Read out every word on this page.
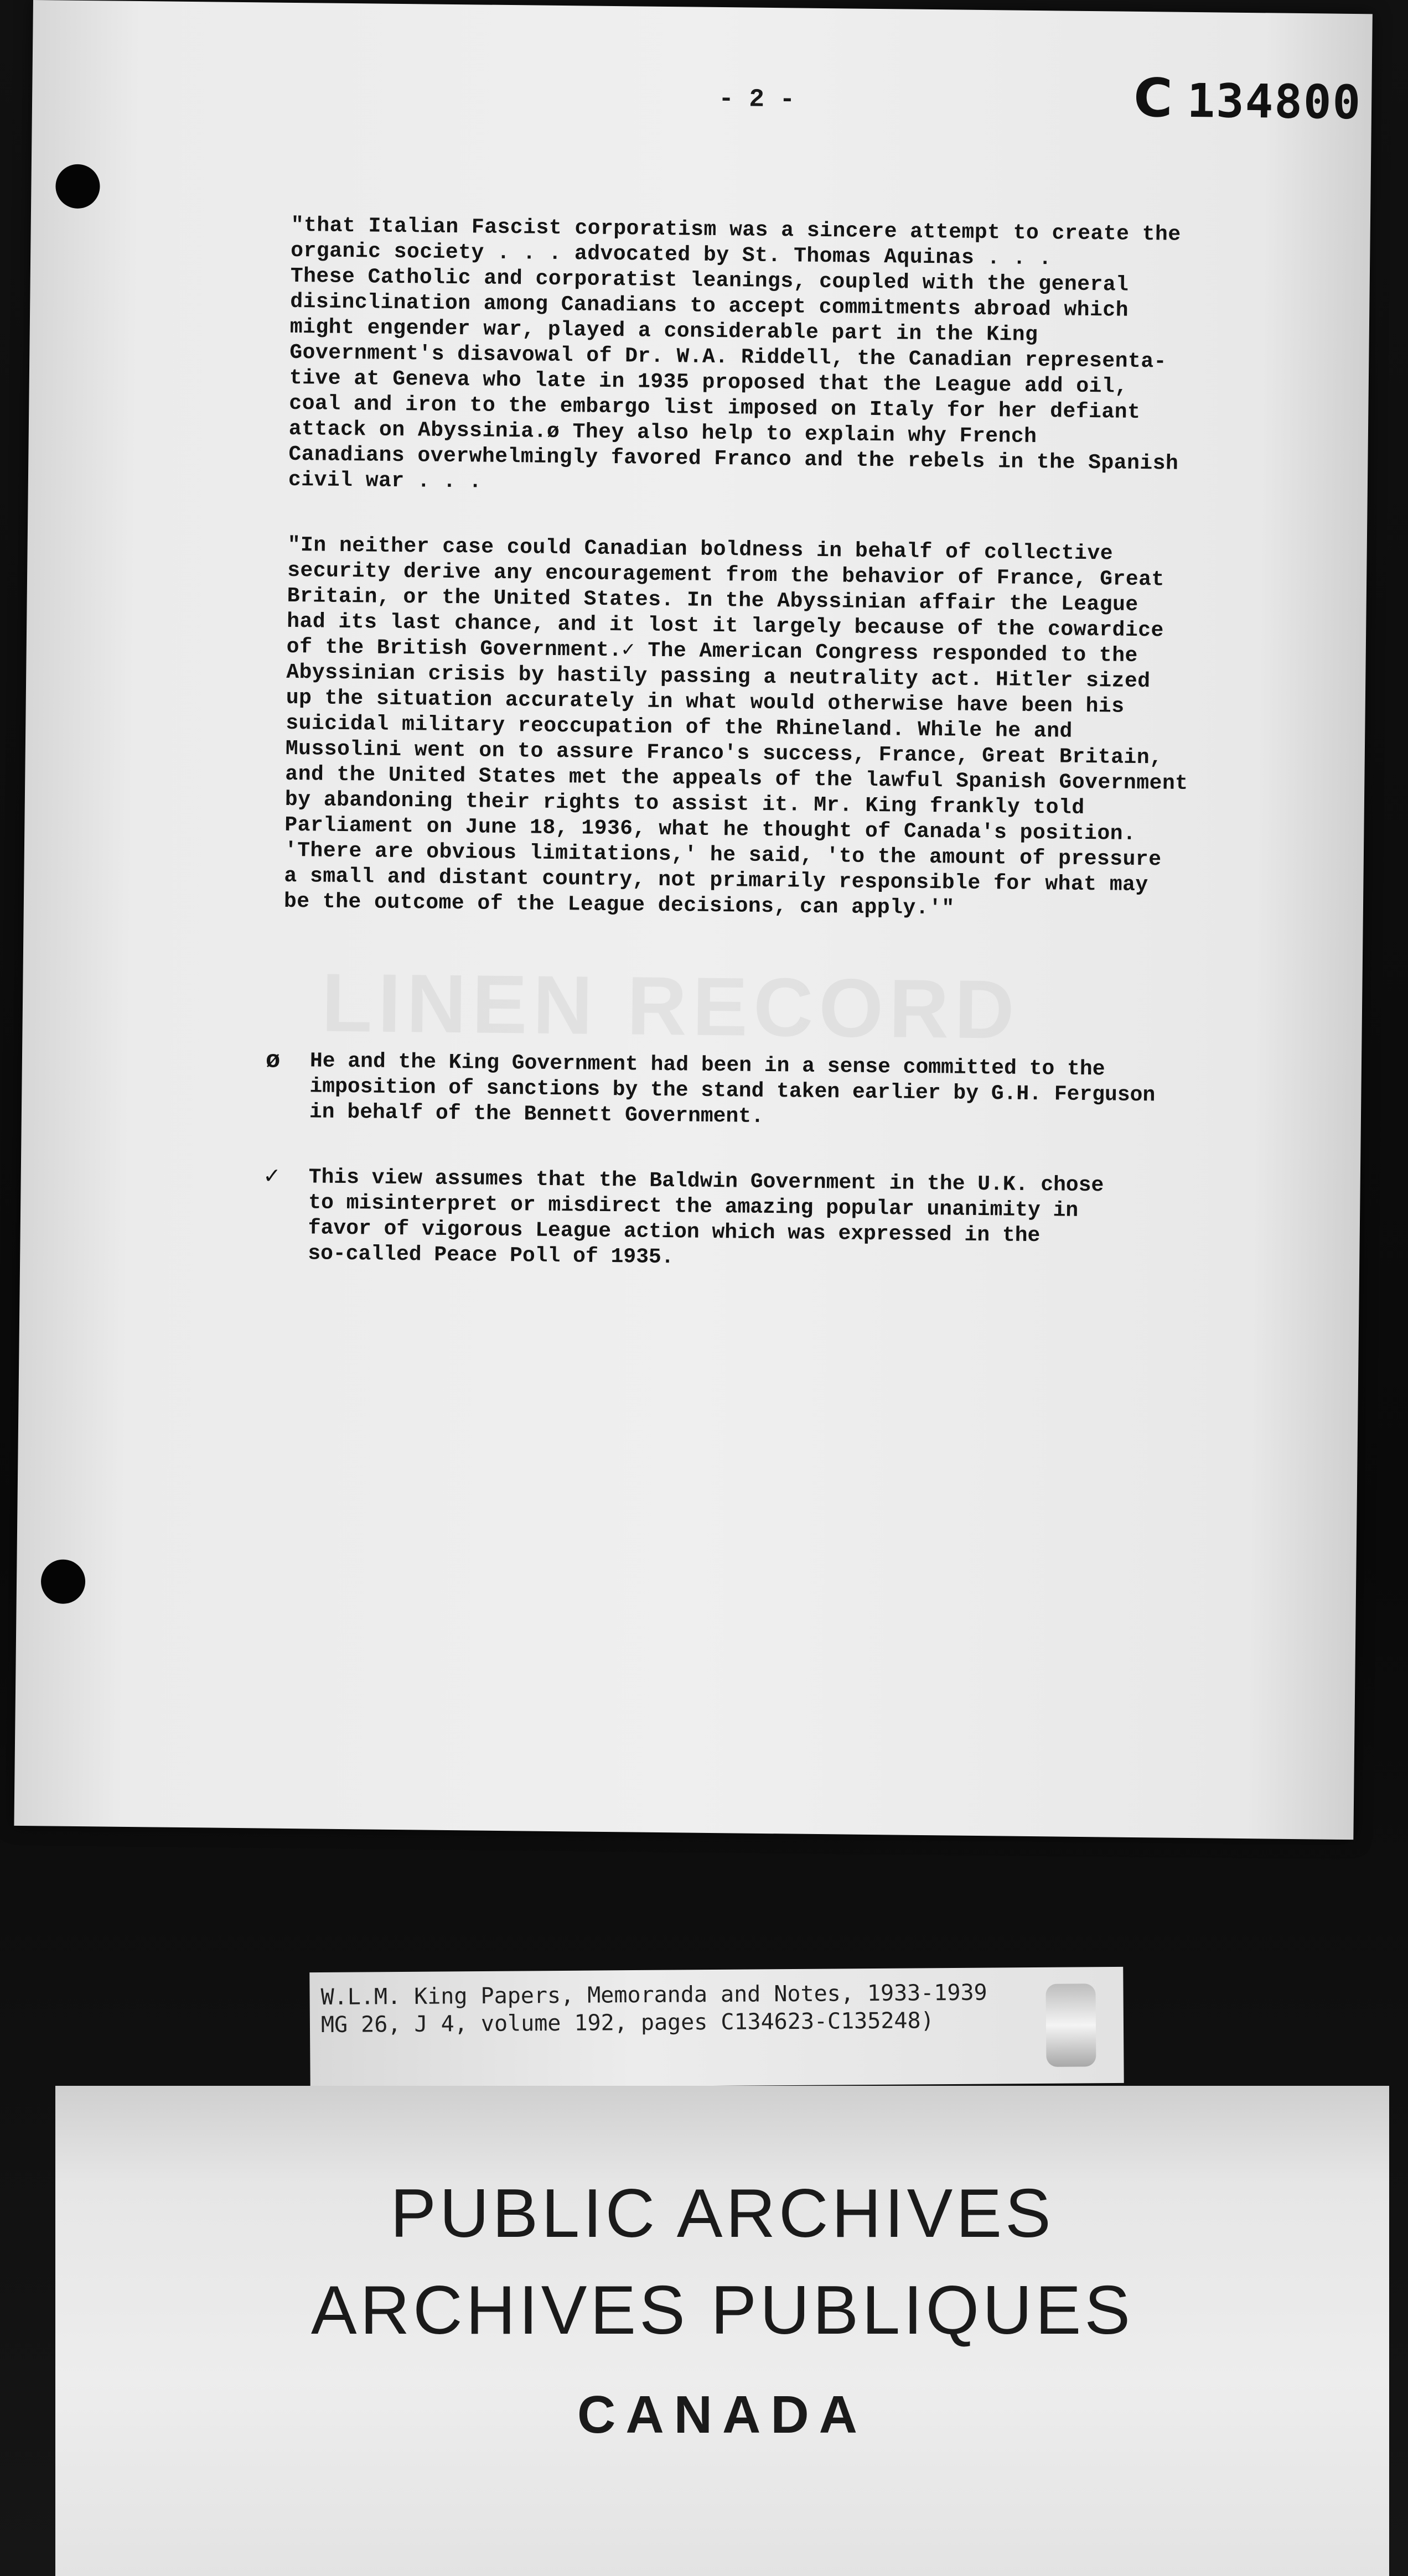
LINEN RECORD
- 2 -	C 134800
"that Italian Fascist corporatism was a sincere attempt to create the
organic society . . . advocated by St. Thomas Aquinas . . .
These Catholic and corporatist leanings, coupled with the general
disinclination among Canadians to accept commitments abroad which
might engender war, played a considerable part in the King
Government's disavowal of Dr. W.A. Riddell, the Canadian representa-
tive at Geneva who late in 1935 proposed that the League add oil,
coal and iron to the embargo list imposed on Italy for her defiant
attack on Abyssinia.ø They also help to explain why French
Canadians overwhelmingly favored Franco and the rebels in the Spanish
civil war . . .
"In neither case could Canadian boldness in behalf of collective
security derive any encouragement from the behavior of France, Great
Britain, or the United States. In the Abyssinian affair the League
had its last chance, and it lost it largely because of the cowardice
of the British Government.✓ The American Congress responded to the
Abyssinian crisis by hastily passing a neutrality act. Hitler sized
up the situation accurately in what would otherwise have been his
suicidal military reoccupation of the Rhineland. While he and
Mussolini went on to assure Franco's success, France, Great Britain,
and the United States met the appeals of the lawful Spanish Government
by abandoning their rights to assist it. Mr. King frankly told
Parliament on June 18, 1936, what he thought of Canada's position.
'There are obvious limitations,' he said, 'to the amount of pressure
a small and distant country, not primarily responsible for what may
be the outcome of the League decisions, can apply.'"
ø He and the King Government had been in a sense committed to the
imposition of sanctions by the stand taken earlier by G.H. Ferguson
in behalf of the Bennett Government.
✓ This view assumes that the Baldwin Government in the U.K. chose
to misinterpret or misdirect the amazing popular unanimity in
favor of vigorous League action which was expressed in the
so-called Peace Poll of 1935.
W.L.M. King Papers, Memoranda and Notes, 1933-1939
MG 26, J 4, volume 192, pages C134623-C135248)
PUBLIC ARCHIVES
ARCHIVES PUBLIQUES
CANADA
